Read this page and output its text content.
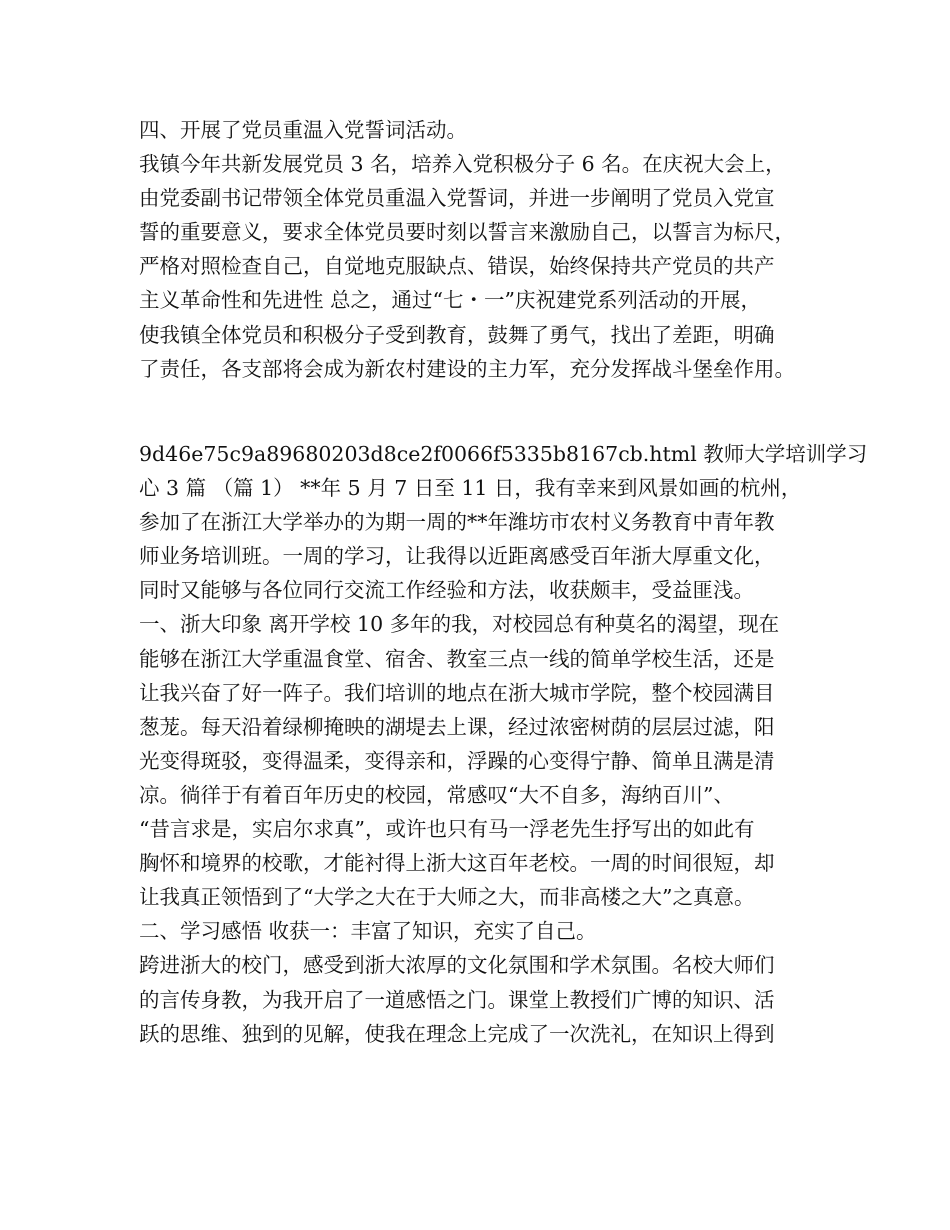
四、开展了党员重温入党誓词活动。
我镇今年共新发展党员 3 名，培养入党积极分子 6 名。在庆祝大会上，
由党委副书记带领全体党员重温入党誓词，并进一步阐明了党员入党宣
誓的重要意义，要求全体党员要时刻以誓言来激励自己，以誓言为标尺，
严格对照检查自己，自觉地克服缺点、错误，始终保持共产党员的共产
主义革命性和先进性 总之，通过“七・一”庆祝建党系列活动的开展，
使我镇全体党员和积极分子受到教育，鼓舞了勇气，找出了差距，明确
了责任，各支部将会成为新农村建设的主力军，充分发挥战斗堡垒作用。
9d46e75c9a89680203d8ce2f0066f5335b8167cb.html 教师大学培训学习
心 3 篇 （篇 1） **年 5 月 7 日至 11 日，我有幸来到风景如画的杭州，
参加了在浙江大学举办的为期一周的**年潍坊市农村义务教育中青年教
师业务培训班。一周的学习，让我得以近距离感受百年浙大厚重文化，
同时又能够与各位同行交流工作经验和方法，收获颇丰，受益匪浅。
一、浙大印象 离开学校 10 多年的我，对校园总有种莫名的渴望，现在
能够在浙江大学重温食堂、宿舍、教室三点一线的简单学校生活，还是
让我兴奋了好一阵子。我们培训的地点在浙大城市学院，整个校园满目
葱茏。每天沿着绿柳掩映的湖堤去上课，经过浓密树荫的层层过滤，阳
光变得斑驳，变得温柔，变得亲和，浮躁的心变得宁静、简单且满是清
凉。徜徉于有着百年历史的校园，常感叹“大不自多，海纳百川”、
“昔言求是，实启尔求真”，或许也只有马一浮老先生抒写出的如此有
胸怀和境界的校歌，才能衬得上浙大这百年老校。一周的时间很短，却
让我真正领悟到了“大学之大在于大师之大，而非高楼之大”之真意。
二、学习感悟 收获一：丰富了知识，充实了自己。
跨进浙大的校门，感受到浙大浓厚的文化氛围和学术氛围。名校大师们
的言传身教，为我开启了一道感悟之门。课堂上教授们广博的知识、活
跃的思维、独到的见解，使我在理念上完成了一次洗礼，在知识上得到
